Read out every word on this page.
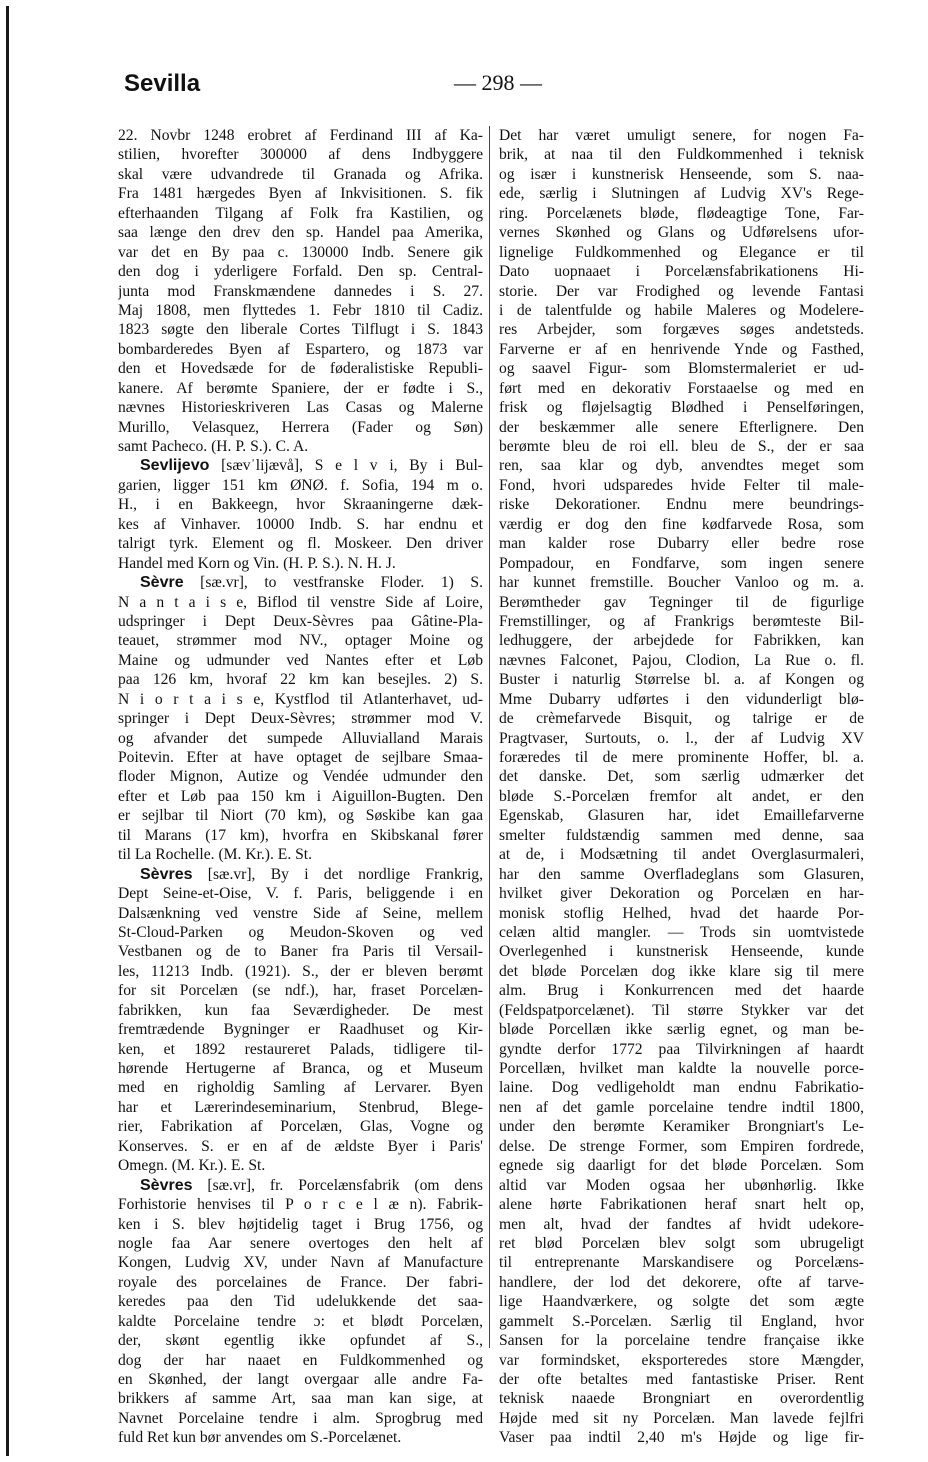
Sevilla	— 298 —
22. Novbr 1248 erobret af Ferdinand III af Ka-
stilien, hvorefter 300000 af dens Indbyggere
skal være udvandrede til Granada og Afrika.
Fra 1481 hærgedes Byen af Inkvisitionen. S. fik
efterhaanden Tilgang af Folk fra Kastilien, og
saa længe den drev den sp. Handel paa Amerika,
var det en By paa c. 130000 Indb. Senere gik
den dog i yderligere Forfald. Den sp. Central-
junta mod Franskmændene dannedes i S. 27.
Maj 1808, men flyttedes 1. Febr 1810 til Cadiz.
1823 søgte den liberale Cortes Tilflugt i S. 1843
bombarderedes Byen af Espartero, og 1873 var
den et Hovedsæde for de føderalistiske Republi-
kanere. Af berømte Spaniere, der er fødte i S.,
nævnes Historieskriveren Las Casas og Malerne
Murillo, Velasquez, Herrera (Fader og Søn)
samt Pacheco. (H. P. S.). C. A.
Sevlijevo [sævˈlijævå], S e l v i, By i Bul-
garien, ligger 151 km ØNØ. f. Sofia, 194 m o.
H., i en Bakkeegn, hvor Skraaningerne dæk-
kes af Vinhaver. 10000 Indb. S. har endnu et
talrigt tyrk. Element og fl. Moskeer. Den driver
Handel med Korn og Vin. (H. P. S.). N. H. J.
Sèvre [sæ.vr], to vestfranske Floder. 1) S.
N a n t a i s e, Biflod til venstre Side af Loire,
udspringer i Dept Deux-Sèvres paa Gâtine-Pla-
teauet, strømmer mod NV., optager Moine og
Maine og udmunder ved Nantes efter et Løb
paa 126 km, hvoraf 22 km kan besejles. 2) S.
N i o r t a i s e, Kystflod til Atlanterhavet, ud-
springer i Dept Deux-Sèvres; strømmer mod V.
og afvander det sumpede Alluvialland Marais
Poitevin. Efter at have optaget de sejlbare Smaa-
floder Mignon, Autize og Vendée udmunder den
efter et Løb paa 150 km i Aiguillon-Bugten. Den
er sejlbar til Niort (70 km), og Søskibe kan gaa
til Marans (17 km), hvorfra en Skibskanal fører
til La Rochelle. (M. Kr.). E. St.
Sèvres [sæ.vr], By i det nordlige Frankrig,
Dept Seine-et-Oise, V. f. Paris, beliggende i en
Dalsænkning ved venstre Side af Seine, mellem
St-Cloud-Parken og Meudon-Skoven og ved
Vestbanen og de to Baner fra Paris til Versail-
les, 11213 Indb. (1921). S., der er bleven berømt
for sit Porcelæn (se ndf.), har, fraset Porcelæn-
fabrikken, kun faa Seværdigheder. De mest
fremtrædende Bygninger er Raadhuset og Kir-
ken, et 1892 restaureret Palads, tidligere til-
hørende Hertugerne af Branca, og et Museum
med en righoldig Samling af Lervarer. Byen
har et Lærerindeseminarium, Stenbrud, Blege-
rier, Fabrikation af Porcelæn, Glas, Vogne og
Konserves. S. er en af de ældste Byer i Paris'
Omegn. (M. Kr.). E. St.
Sèvres [sæ.vr], fr. Porcelænsfabrik (om dens
Forhistorie henvises til P o r c e l æ n). Fabrik-
ken i S. blev højtidelig taget i Brug 1756, og
nogle faa Aar senere overtoges den helt af
Kongen, Ludvig XV, under Navn af Manufacture
royale des porcelaines de France. Der fabri-
keredes paa den Tid udelukkende det saa-
kaldte Porcelaine tendre ɔ: et blødt Porcelæn,
der, skønt egentlig ikke opfundet af S.,
dog der har naaet en Fuldkommenhed og
en Skønhed, der langt overgaar alle andre Fa-
brikkers af samme Art, saa man kan sige, at
Navnet Porcelaine tendre i alm. Sprogbrug med
fuld Ret kun bør anvendes om S.-Porcelænet.
Det har været umuligt senere, for nogen Fa-
brik, at naa til den Fuldkommenhed i teknisk
og især i kunstnerisk Henseende, som S. naa-
ede, særlig i Slutningen af Ludvig XV's Rege-
ring. Porcelænets bløde, flødeagtige Tone, Far-
vernes Skønhed og Glans og Udførelsens ufor-
lignelige Fuldkommenhed og Elegance er til
Dato uopnaaet i Porcelænsfabrikationens Hi-
storie. Der var Frodighed og levende Fantasi
i de talentfulde og habile Maleres og Modelere-
res Arbejder, som forgæves søges andetsteds.
Farverne er af en henrivende Ynde og Fasthed,
og saavel Figur- som Blomstermaleriet er ud-
ført med en dekorativ Forstaaelse og med en
frisk og fløjelsagtig Blødhed i Penselføringen,
der beskæmmer alle senere Efterlignere. Den
berømte bleu de roi ell. bleu de S., der er saa
ren, saa klar og dyb, anvendtes meget som
Fond, hvori udsparedes hvide Felter til male-
riske Dekorationer. Endnu mere beundrings-
værdig er dog den fine kødfarvede Rosa, som
man kalder rose Dubarry eller bedre rose
Pompadour, en Fondfarve, som ingen senere
har kunnet fremstille. Boucher Vanloo og m. a.
Berømtheder gav Tegninger til de figurlige
Fremstillinger, og af Frankrigs berømteste Bil-
ledhuggere, der arbejdede for Fabrikken, kan
nævnes Falconet, Pajou, Clodion, La Rue o. fl.
Buster i naturlig Størrelse bl. a. af Kongen og
Mme Dubarry udførtes i den vidunderligt blø-
de crèmefarvede Bisquit, og talrige er de
Pragtvaser, Surtouts, o. l., der af Ludvig XV
foræredes til de mere prominente Hoffer, bl. a.
det danske. Det, som særlig udmærker det
bløde S.-Porcelæn fremfor alt andet, er den
Egenskab, Glasuren har, idet Emaillefarverne
smelter fuldstændig sammen med denne, saa
at de, i Modsætning til andet Overglasurmaleri,
har den samme Overfladeglans som Glasuren,
hvilket giver Dekoration og Porcelæn en har-
monisk stoflig Helhed, hvad det haarde Por-
celæn altid mangler. — Trods sin uomtvistede
Overlegenhed i kunstnerisk Henseende, kunde
det bløde Porcelæn dog ikke klare sig til mere
alm. Brug i Konkurrencen med det haarde
(Feldspatporcelænet). Til større Stykker var det
bløde Porcellæn ikke særlig egnet, og man be-
gyndte derfor 1772 paa Tilvirkningen af haardt
Porcellæn, hvilket man kaldte la nouvelle porce-
laine. Dog vedligeholdt man endnu Fabrikatio-
nen af det gamle porcelaine tendre indtil 1800,
under den berømte Keramiker Brongniart's Le-
delse. De strenge Former, som Empiren fordrede,
egnede sig daarligt for det bløde Porcelæn. Som
altid var Moden ogsaa her ubønhørlig. Ikke
alene hørte Fabrikationen heraf snart helt op,
men alt, hvad der fandtes af hvidt udekore-
ret blød Porcelæn blev solgt som ubrugeligt
til entreprenante Marskandisere og Porcelæns-
handlere, der lod det dekorere, ofte af tarve-
lige Haandværkere, og solgte det som ægte
gammelt S.-Porcelæn. Særlig til England, hvor
Sansen for la porcelaine tendre française ikke
var formindsket, eksporteredes store Mængder,
der ofte betaltes med fantastiske Priser. Rent
teknisk naaede Brongniart en overordentlig
Højde med sit ny Porcelæn. Man lavede fejlfri
Vaser paa indtil 2,40 m's Højde og lige fir-
